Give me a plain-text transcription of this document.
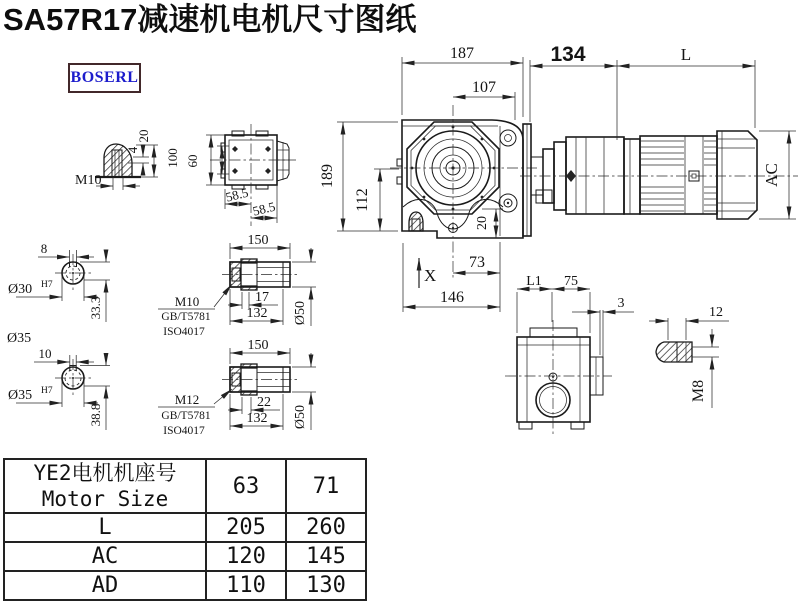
SA57R17减速机电机尺寸图纸
BOSERL
M10
4
20
100 60
58.5
58.5
187
107
134	L
189
112
AC
20
73
146
X	L1 75
3
12
M8
8
Ø30 H7
33.3
Ø35
10
Ø35 H7
38.8
150
17
132 Ø50
M10
GB/T5781
ISO4017
150
22
132 Ø50
M12
GB/T5781
ISO4017
YE2电机机座号
Motor Size	63	71
L	205	260
AC	120	145
AD	110	130
